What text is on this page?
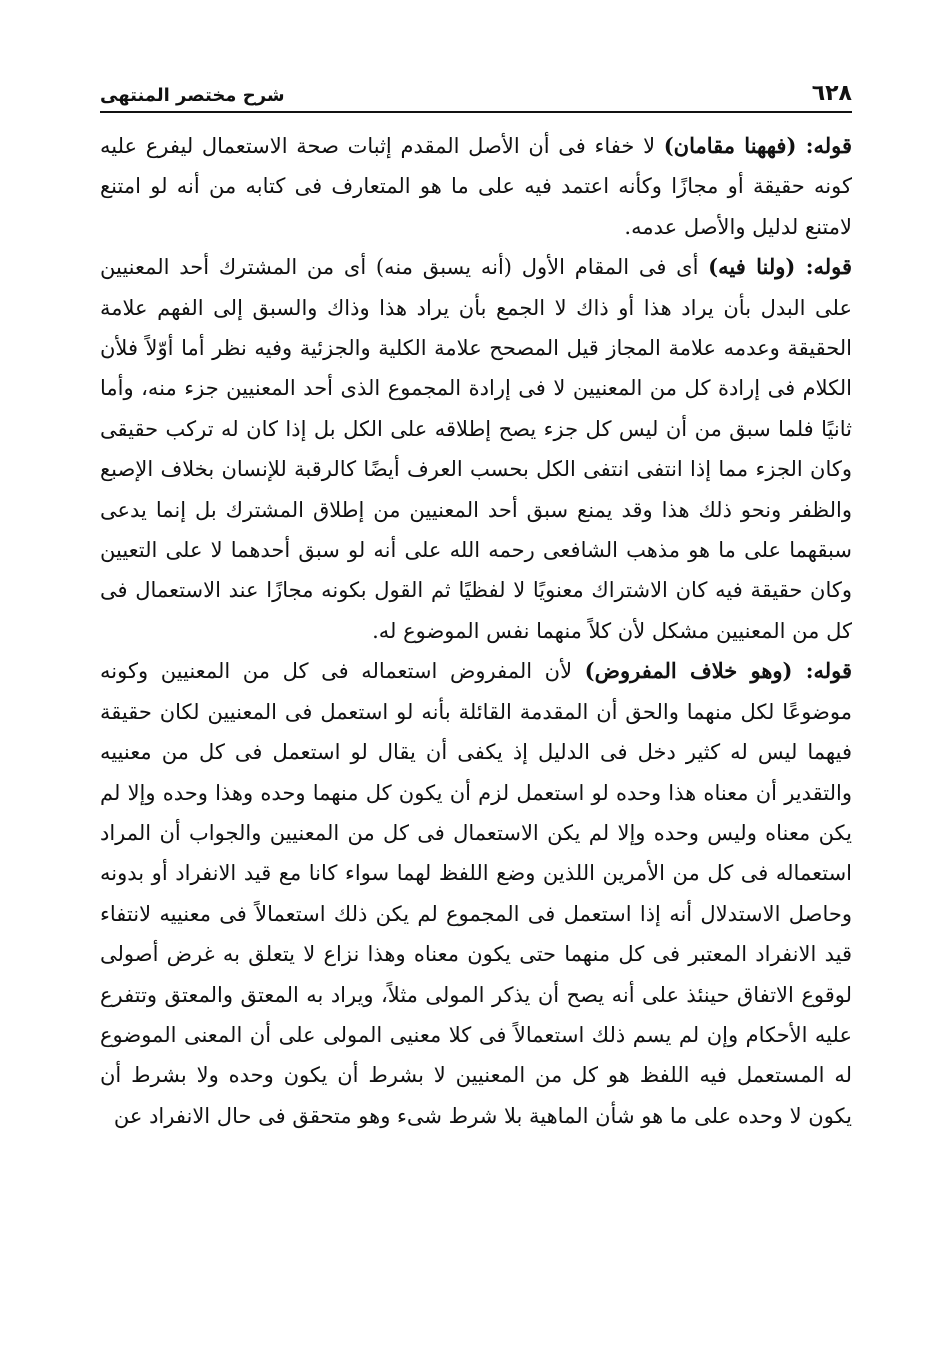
٦٢٨
شرح مختصر المنتهى

قوله: (فههنا مقامان) لا خفاء فى أن الأصل المقدم إثبات صحة الاستعمال ليفرع عليه كونه حقيقة أو مجازًا وكأنه اعتمد فيه على ما هو المتعارف فى كتابه من أنه لو امتنع لامتنع لدليل والأصل عدمه.

قوله: (ولنا فيه) أى فى المقام الأول (أنه يسبق منه) أى من المشترك أحد المعنيين على البدل بأن يراد هذا أو ذاك لا الجمع بأن يراد هذا وذاك والسبق إلى الفهم علامة الحقيقة وعدمه علامة المجاز قيل المصحح علامة الكلية والجزئية وفيه نظر أما أوّلاً فلأن الكلام فى إرادة كل من المعنيين لا فى إرادة المجموع الذى أحد المعنيين جزء منه، وأما ثانيًا فلما سبق من أن ليس كل جزء يصح إطلاقه على الكل بل إذا كان له تركب حقيقى وكان الجزء مما إذا انتفى انتفى الكل بحسب العرف أيضًا كالرقبة للإنسان بخلاف الإصبع والظفر ونحو ذلك هذا وقد يمنع سبق أحد المعنيين من إطلاق المشترك بل إنما يدعى سبقهما على ما هو مذهب الشافعى رحمه الله على أنه لو سبق أحدهما لا على التعيين وكان حقيقة فيه كان الاشتراك معنويًا لا لفظيًا ثم القول بكونه مجازًا عند الاستعمال فى كل من المعنيين مشكل لأن كلاً منهما نفس الموضوع له.

قوله: (وهو خلاف المفروض) لأن المفروض استعماله فى كل من المعنيين وكونه موضوعًا لكل منهما والحق أن المقدمة القائلة بأنه لو استعمل فى المعنيين لكان حقيقة فيهما ليس له كثير دخل فى الدليل إذ يكفى أن يقال لو استعمل فى كل من معنييه والتقدير أن معناه هذا وحده لو استعمل لزم أن يكون كل منهما وحده وهذا وحده وإلا لم يكن معناه وليس وحده وإلا لم يكن الاستعمال فى كل من المعنيين والجواب أن المراد استعماله فى كل من الأمرين اللذين وضع اللفظ لهما سواء كانا مع قيد الانفراد أو بدونه وحاصل الاستدلال أنه إذا استعمل فى المجموع لم يكن ذلك استعمالاً فى معنييه لانتفاء قيد الانفراد المعتبر فى كل منهما حتى يكون معناه وهذا نزاع لا يتعلق به غرض أصولى لوقوع الاتفاق حينئذ على أنه يصح أن يذكر المولى مثلاً، ويراد به المعتق والمعتق وتتفرع عليه الأحكام وإن لم يسم ذلك استعمالاً فى كلا معنيى المولى على أن المعنى الموضوع له المستعمل فيه اللفظ هو كل من المعنيين لا بشرط أن يكون وحده ولا بشرط أن يكون لا وحده على ما هو شأن الماهية بلا شرط شىء وهو متحقق فى حال الانفراد عن
